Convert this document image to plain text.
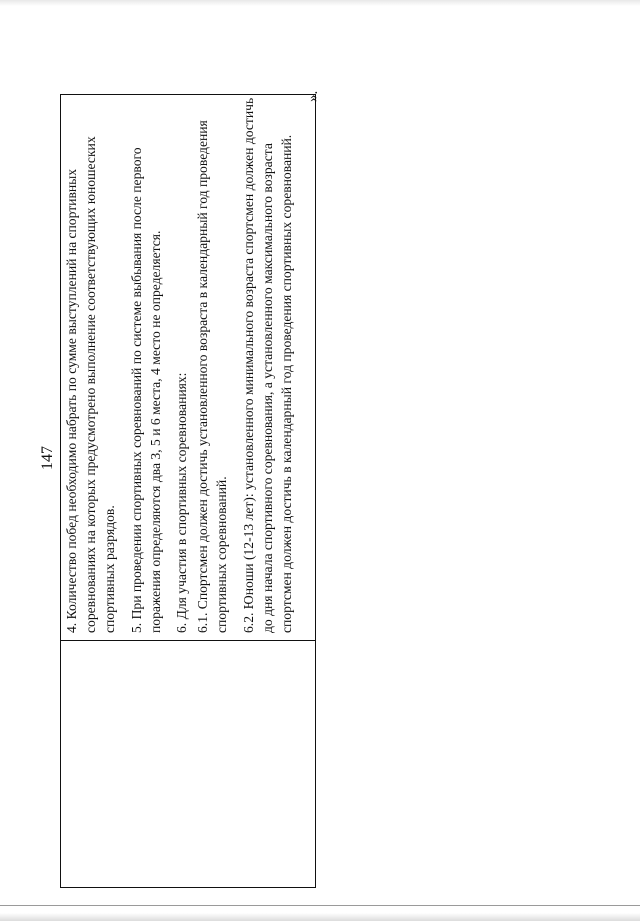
147 4. Количество побед необходимо набрать по сумме выступлений на спортивных соревнованиях на которых предусмотрено выполнение соответствующих юношеских спортивных разрядов. 5. При проведении спортивных соревнований по системе выбывания после первого поражения определяются два 3, 5 и 6 места, 4 место не определяется. 6. Для участия в спортивных соревнованиях: 6.1. Спортсмен должен достичь установленного возраста в календарный год проведения спортивных соревнований. 6.2. Юноши (12-13 лет): установленного минимального возраста спортсмен должен достичь до дня начала спортивного соревнования, а установленного максимального возраста спортсмен должен достичь в календарный год проведения спортивных соревнований.

».
